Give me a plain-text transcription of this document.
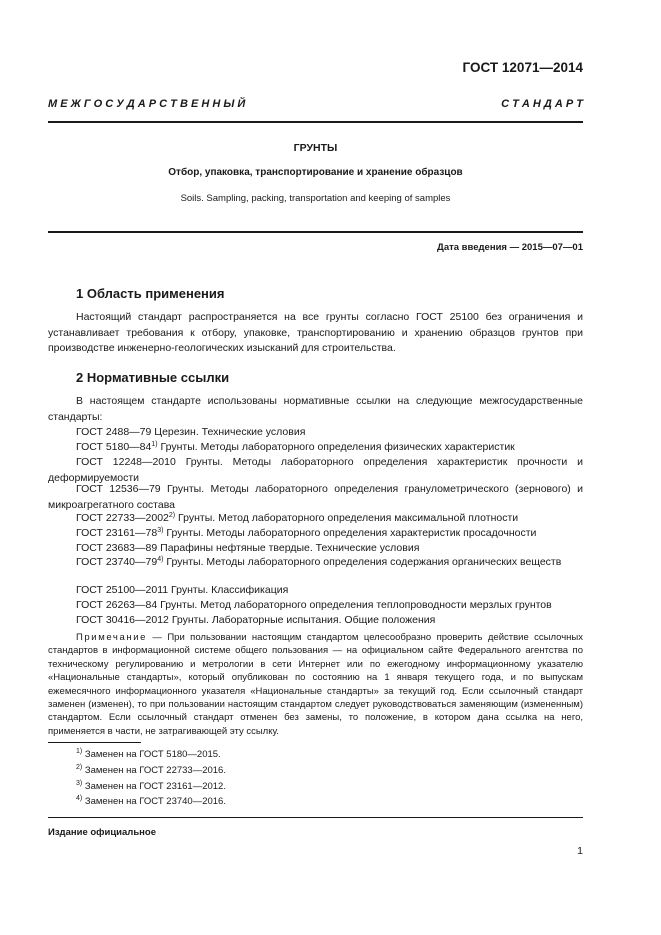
ГОСТ 12071—2014
М Е Ж Г О С У Д А Р С Т В Е Н Н Ы Й	С Т А Н Д А Р Т
ГРУНТЫ
Отбор, упаковка, транспортирование и хранение образцов
Soils. Sampling, packing, transportation and keeping of samples
Дата введения — 2015—07—01
1 Область применения
Настоящий стандарт распространяется на все грунты согласно ГОСТ 25100 без ограничения и устанавливает требования к отбору, упаковке, транспортированию и хранению образцов грунтов при производстве инженерно-геологических изысканий для строительства.
2 Нормативные ссылки
В настоящем стандарте использованы нормативные ссылки на следующие межгосударственные стандарты:
ГОСТ 2488—79 Церезин. Технические условия
ГОСТ 5180—84$^{1)}$ Грунты. Методы лабораторного определения физических характеристик
ГОСТ 12248—2010 Грунты. Методы лабораторного определения характеристик прочности и деформируемости
ГОСТ 12536—79 Грунты. Методы лабораторного определения гранулометрического (зернового) и микроагрегатного состава
ГОСТ 22733—2002$^{2)}$ Грунты. Метод лабораторного определения максимальной плотности
ГОСТ 23161—78$^{3)}$ Грунты. Методы лабораторного определения характеристик просадочности
ГОСТ 23683—89 Парафины нефтяные твердые. Технические условия
ГОСТ 23740—79$^{4)}$ Грунты. Методы лабораторного определения содержания органических веществ
ГОСТ 25100—2011 Грунты. Классификация
ГОСТ 26263—84 Грунты. Метод лабораторного определения теплопроводности мерзлых грунтов
ГОСТ 30416—2012 Грунты. Лабораторные испытания. Общие положения
Примечание — При пользовании настоящим стандартом целесообразно проверить действие ссылочных стандартов в информационной системе общего пользования — на официальном сайте Федерального агентства по техническому регулированию и метрологии в сети Интернет или по ежегодному информационному указателю «Национальные стандарты», который опубликован по состоянию на 1 января текущего года, и по выпускам ежемесячного информационного указателя «Национальные стандарты» за текущий год. Если ссылочный стандарт заменен (изменен), то при пользовании настоящим стандартом следует руководствоваться заменяющим (измененным) стандартом. Если ссылочный стандарт отменен без замены, то положение, в котором дана ссылка на него, применяется в части, не затрагивающей эту ссылку.
$^{1)}$ Заменен на ГОСТ 5180—2015.
$^{2)}$ Заменен на ГОСТ 22733—2016.
$^{3)}$ Заменен на ГОСТ 23161—2012.
$^{4)}$ Заменен на ГОСТ 23740—2016.
Издание официальное
1
